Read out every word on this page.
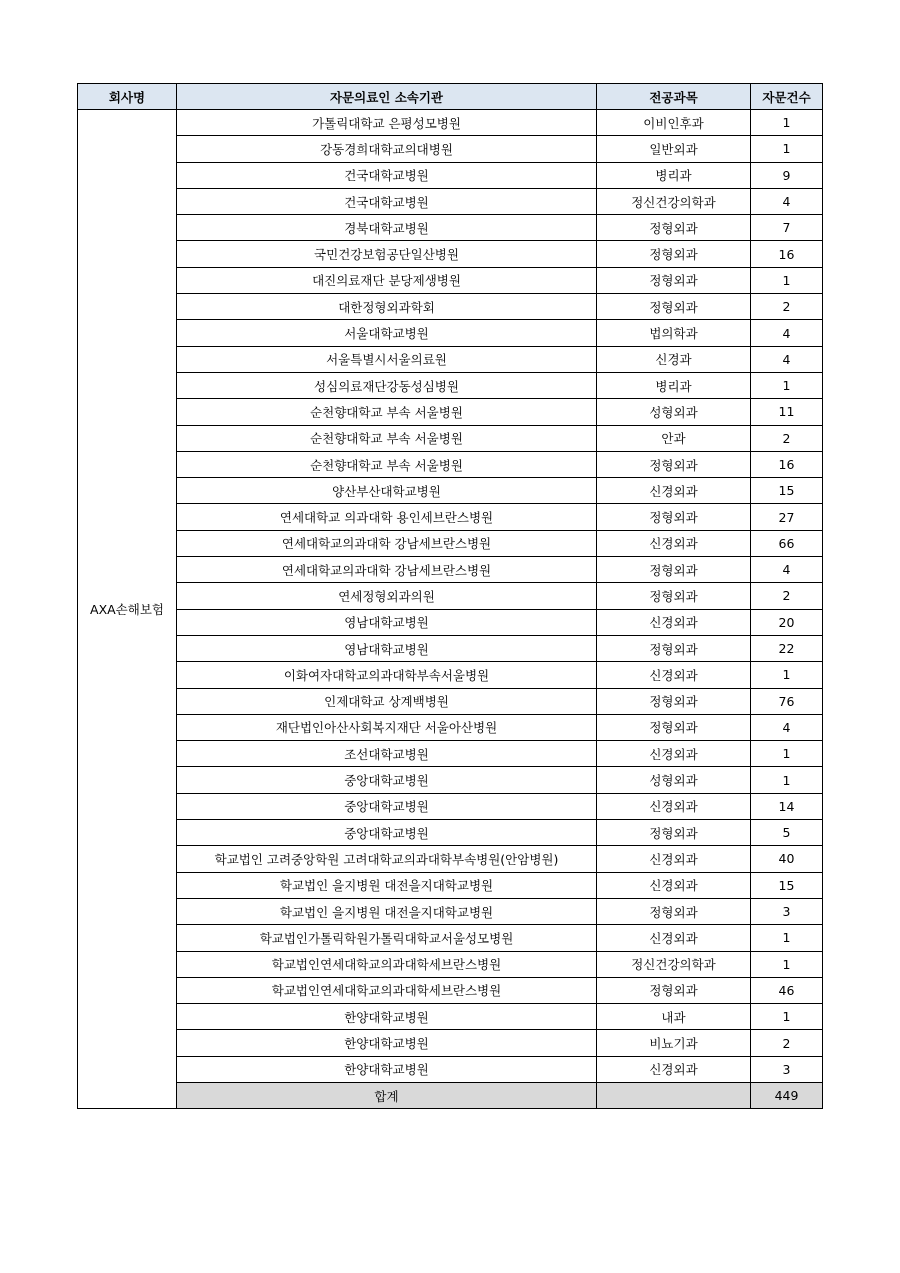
회사명	자문의료인 소속기관	전공과목	자문건수
AXA손해보험	가톨릭대학교 은평성모병원	이비인후과	1
	강동경희대학교의대병원	일반외과	1
	건국대학교병원	병리과	9
	건국대학교병원	정신건강의학과	4
	경북대학교병원	정형외과	7
	국민건강보험공단일산병원	정형외과	16
	대진의료재단 분당제생병원	정형외과	1
	대한정형외과학회	정형외과	2
	서울대학교병원	법의학과	4
	서울특별시서울의료원	신경과	4
	성심의료재단강동성심병원	병리과	1
	순천향대학교 부속 서울병원	성형외과	11
	순천향대학교 부속 서울병원	안과	2
	순천향대학교 부속 서울병원	정형외과	16
	양산부산대학교병원	신경외과	15
	연세대학교 의과대학 용인세브란스병원	정형외과	27
	연세대학교의과대학 강남세브란스병원	신경외과	66
	연세대학교의과대학 강남세브란스병원	정형외과	4
	연세정형외과의원	정형외과	2
	영남대학교병원	신경외과	20
	영남대학교병원	정형외과	22
	이화여자대학교의과대학부속서울병원	신경외과	1
	인제대학교 상계백병원	정형외과	76
	재단법인아산사회복지재단 서울아산병원	정형외과	4
	조선대학교병원	신경외과	1
	중앙대학교병원	성형외과	1
	중앙대학교병원	신경외과	14
	중앙대학교병원	정형외과	5
	학교법인 고려중앙학원 고려대학교의과대학부속병원(안암병원)	신경외과	40
	학교법인 을지병원 대전을지대학교병원	신경외과	15
	학교법인 을지병원 대전을지대학교병원	정형외과	3
	학교법인가톨릭학원가톨릭대학교서울성모병원	신경외과	1
	학교법인연세대학교의과대학세브란스병원	정신건강의학과	1
	학교법인연세대학교의과대학세브란스병원	정형외과	46
	한양대학교병원	내과	1
	한양대학교병원	비뇨기과	2
	한양대학교병원	신경외과	3
	합계		449
